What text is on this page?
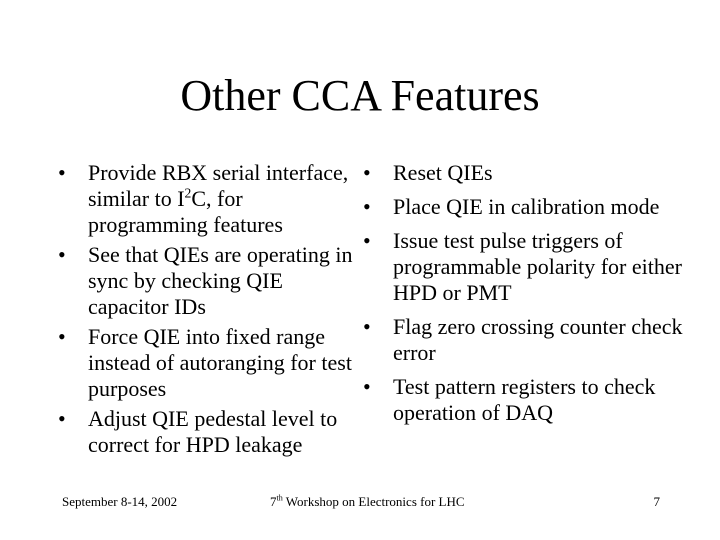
Other CCA Features
•	Provide RBX serial interface, similar to $I^2C$, for programming features
•	See that QIEs are operating in sync by checking QIE capacitor IDs
•	Force QIE into fixed range instead of autoranging for test purposes
•	Adjust QIE pedestal level to correct for HPD leakage
•	Reset QIEs
•	Place QIE in calibration mode
•	Issue test pulse triggers of programmable polarity for either HPD or PMT
•	Flag zero crossing counter check error
•	Test pattern registers to check operation of DAQ
September 8-14, 2002	7th Workshop on Electronics for LHC	7
